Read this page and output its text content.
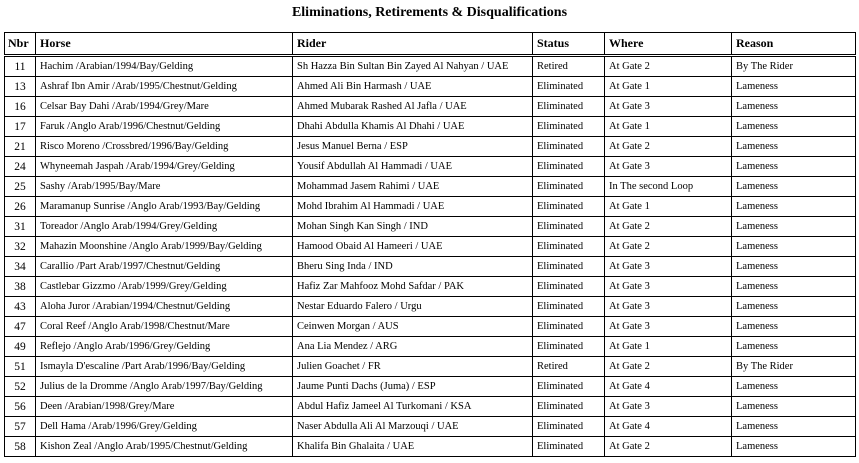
Eliminations, Retirements & Disqualifications
Nbr	Horse	Rider	Status	Where	Reason
11	Hachim /Arabian/1994/Bay/Gelding	Sh Hazza Bin Sultan Bin Zayed Al Nahyan / UAE	Retired	At Gate 2	By The Rider
13	Ashraf Ibn Amir /Arab/1995/Chestnut/Gelding	Ahmed Ali Bin Harmash / UAE	Eliminated	At Gate 1	Lameness
16	Celsar Bay Dahi /Arab/1994/Grey/Mare	Ahmed Mubarak Rashed Al Jafla / UAE	Eliminated	At Gate 3	Lameness
17	Faruk /Anglo Arab/1996/Chestnut/Gelding	Dhahi Abdulla Khamis Al Dhahi / UAE	Eliminated	At Gate 1	Lameness
21	Risco Moreno /Crossbred/1996/Bay/Gelding	Jesus Manuel Berna / ESP	Eliminated	At Gate 2	Lameness
24	Whyneemah Jaspah /Arab/1994/Grey/Gelding	Yousif Abdullah Al Hammadi / UAE	Eliminated	At Gate 3	Lameness
25	Sashy /Arab/1995/Bay/Mare	Mohammad Jasem Rahimi / UAE	Eliminated	In The second Loop	Lameness
26	Maramanup Sunrise /Anglo Arab/1993/Bay/Gelding	Mohd Ibrahim Al Hammadi / UAE	Eliminated	At Gate 1	Lameness
31	Toreador /Anglo Arab/1994/Grey/Gelding	Mohan Singh Kan Singh / IND	Eliminated	At Gate 2	Lameness
32	Mahazin Moonshine /Anglo Arab/1999/Bay/Gelding	Hamood Obaid Al Hameeri / UAE	Eliminated	At Gate 2	Lameness
34	Carallio /Part Arab/1997/Chestnut/Gelding	Bheru Sing Inda / IND	Eliminated	At Gate 3	Lameness
38	Castlebar Gizzmo /Arab/1999/Grey/Gelding	Hafiz Zar Mahfooz Mohd Safdar / PAK	Eliminated	At Gate 3	Lameness
43	Aloha Juror /Arabian/1994/Chestnut/Gelding	Nestar Eduardo Falero / Urgu	Eliminated	At Gate 3	Lameness
47	Coral Reef /Anglo Arab/1998/Chestnut/Mare	Ceinwen Morgan / AUS	Eliminated	At Gate 3	Lameness
49	Reflejo /Anglo Arab/1996/Grey/Gelding	Ana Lia Mendez / ARG	Eliminated	At Gate 1	Lameness
51	Ismayla D'escaline /Part Arab/1996/Bay/Gelding	Julien Goachet / FR	Retired	At Gate 2	By The Rider
52	Julius de la Dromme /Anglo Arab/1997/Bay/Gelding	Jaume Punti Dachs (Juma) / ESP	Eliminated	At Gate 4	Lameness
56	Deen /Arabian/1998/Grey/Mare	Abdul Hafiz Jameel Al Turkomani / KSA	Eliminated	At Gate 3	Lameness
57	Dell Hama /Arab/1996/Grey/Gelding	Naser Abdulla Ali Al Marzouqi / UAE	Eliminated	At Gate 4	Lameness
58	Kishon Zeal /Anglo Arab/1995/Chestnut/Gelding	Khalifa Bin Ghalaita / UAE	Eliminated	At Gate 2	Lameness
